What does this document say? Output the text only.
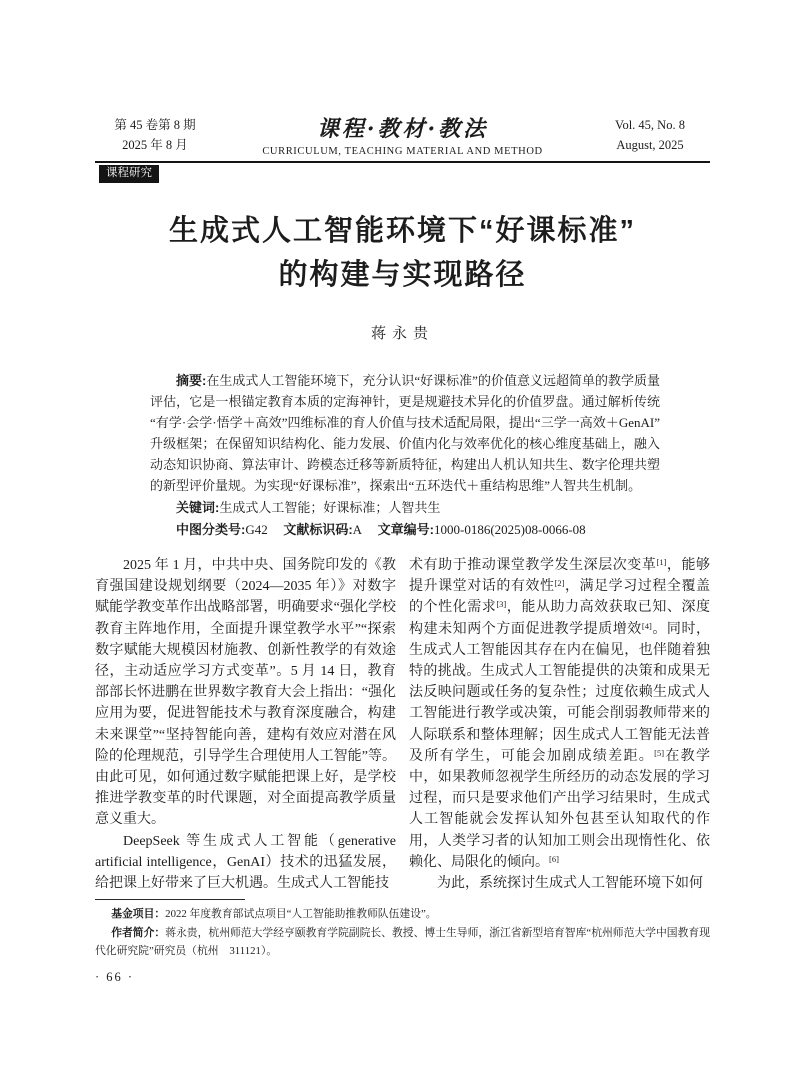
第 45 卷第 8 期
2025 年 8 月
课程·教材·教法
CURRICULUM, TEACHING MATERIAL AND METHOD
Vol. 45, No. 8
August, 2025
课程研究
生成式人工智能环境下“好课标准”
的构建与实现路径
蒋永贵

摘要:在生成式人工智能环境下，充分认识“好课标准”的价值意义远超简单的教学质量评估，它是一根锚定教育本质的定海神针，更是规避技术异化的价值罗盘。通过解析传统“有学·会学·悟学＋高效”四维标准的育人价值与技术适配局限，提出“三学一高效＋GenAI”升级框架；在保留知识结构化、能力发展、价值内化与效率优化的核心维度基础上，融入动态知识协商、算法审计、跨模态迁移等新质特征，构建出人机认知共生、数字伦理共塑的新型评价量规。为实现“好课标准”，探索出“五环迭代＋重结构思维”人智共生机制。

关键词:生成式人工智能；好课标准；人智共生

中图分类号:G42 文献标识码:A 文章编号:1000-0186(2025)08-0066-08

2025 年 1 月，中共中央、国务院印发的《教育强国建设规划纲要（2024—2035 年）》对数字赋能学教变革作出战略部署，明确要求“强化学校教育主阵地作用，全面提升课堂教学水平”“探索数字赋能大规模因材施教、创新性教学的有效途径，主动适应学习方式变革”。5 月 14 日，教育部部长怀进鹏在世界数字教育大会上指出：“强化应用为要，促进智能技术与教育深度融合，构建未来课堂”“坚持智能向善，建构有效应对潜在风险的伦理规范，引导学生合理使用人工智能”等。由此可见，如何通过数字赋能把课上好，是学校推进学教变革的时代课题，对全面提高教学质量意义重大。

DeepSeek 等生成式人工智能（generative artificial intelligence，GenAI）技术的迅猛发展，给把课上好带来了巨大机遇。生成式人工智能技

术有助于推动课堂教学发生深层次变革[1]，能够提升课堂对话的有效性[2]，满足学习过程全覆盖的个性化需求[3]，能从助力高效获取已知、深度构建未知两个方面促进教学提质增效[4]。同时，生成式人工智能因其存在内在偏见，也伴随着独特的挑战。生成式人工智能提供的决策和成果无法反映问题或任务的复杂性；过度依赖生成式人工智能进行教学或决策，可能会削弱教师带来的人际联系和整体理解；因生成式人工智能无法普及所有学生，可能会加剧成绩差距。[5]在教学中，如果教师忽视学生所经历的动态发展的学习过程，而只是要求他们产出学习结果时，生成式人工智能就会发挥认知外包甚至认知取代的作用，人类学习者的认知加工则会出现惰性化、依赖化、局限化的倾向。[6]

为此，系统探讨生成式人工智能环境下如何

基金项目：2022 年度教育部试点项目“人工智能助推教师队伍建设”。

作者简介：蒋永贵，杭州师范大学经亨颐教育学院副院长、教授、博士生导师，浙江省新型培育智库“杭州师范大学中国教育现代化研究院”研究员（杭州　311121）。

· 66 ·
